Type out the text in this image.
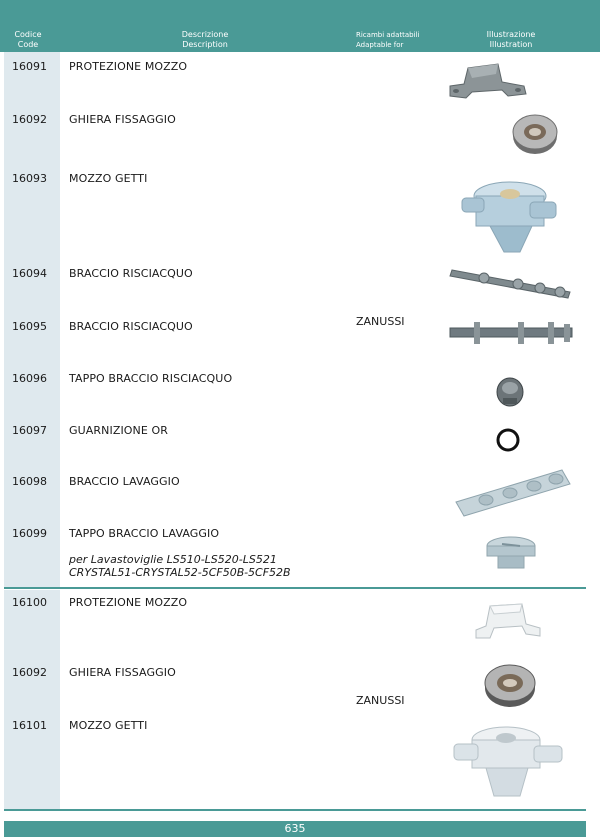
Codice
Code
Descrizione
Description
Ricambi adattabili
Adaptable for
Illustrazione
Illustration
16091 PROTEZIONE MOZZO
16092 GHIERA FISSAGGIO
16093 MOZZO GETTI
16094 BRACCIO RISCIACQUO
16095 BRACCIO RISCIACQUO
16096 TAPPO BRACCIO RISCIACQUO
16097 GUARNIZIONE OR
16098 BRACCIO LAVAGGIO
16099 TAPPO BRACCIO LAVAGGIO
per Lavastoviglie LS510-LS520-LS521
CRYSTAL51-CRYSTAL52-5CF50B-5CF52B
ZANUSSI
16100 PROTEZIONE MOZZO
16092 GHIERA FISSAGGIO
16101 MOZZO GETTI
ZANUSSI
635
